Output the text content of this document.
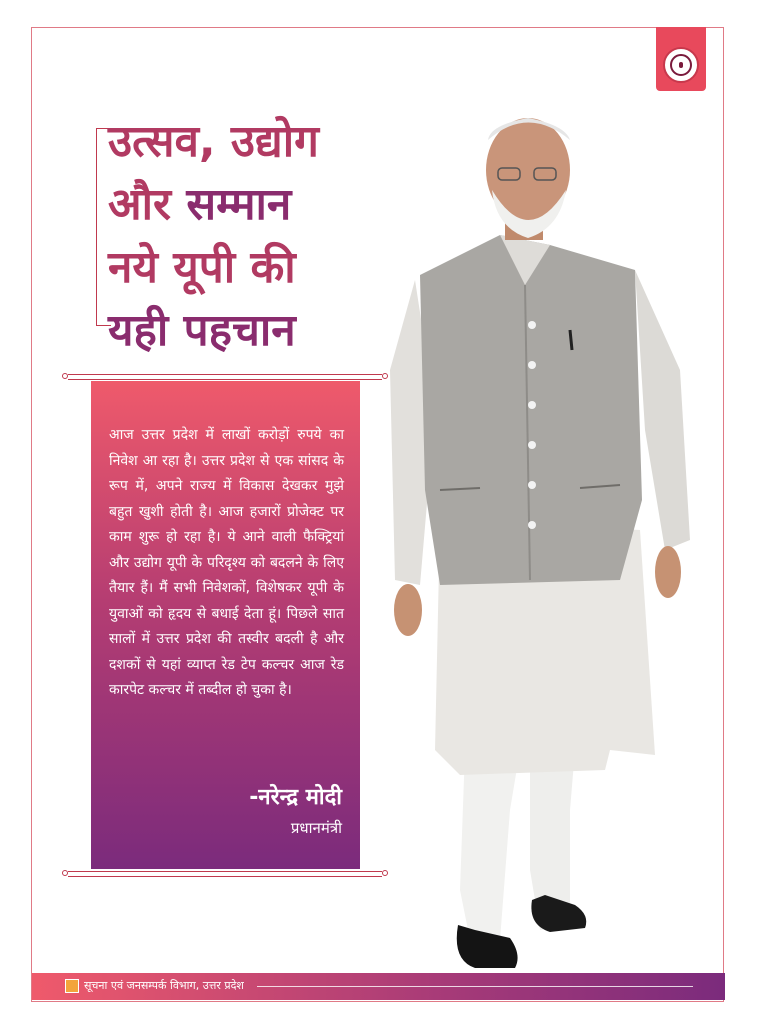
उत्सव, उद्योग
और सम्मान
नये यूपी की
यही पहचान

आज उत्तर प्रदेश में लाखों करोड़ों रुपये का निवेश आ रहा है। उत्तर प्रदेश से एक सांसद के रूप में, अपने राज्य में विकास देखकर मुझे बहुत खुशी होती है। आज हजारों प्रोजेक्ट पर काम शुरू हो रहा है। ये आने वाली फैक्ट्रियां और उद्योग यूपी के परिदृश्य को बदलने के लिए तैयार हैं। मैं सभी निवेशकों, विशेषकर यूपी के युवाओं को हृदय से बधाई देता हूं। पिछले सात सालों में उत्तर प्रदेश की तस्वीर बदली है और दशकों से यहां व्याप्त रेड टेप कल्चर आज रेड कारपेट कल्चर में तब्दील हो चुका है।

-नरेन्द्र मोदी

प्रधानमंत्री

सूचना एवं जनसम्पर्क विभाग, उत्तर प्रदेश
